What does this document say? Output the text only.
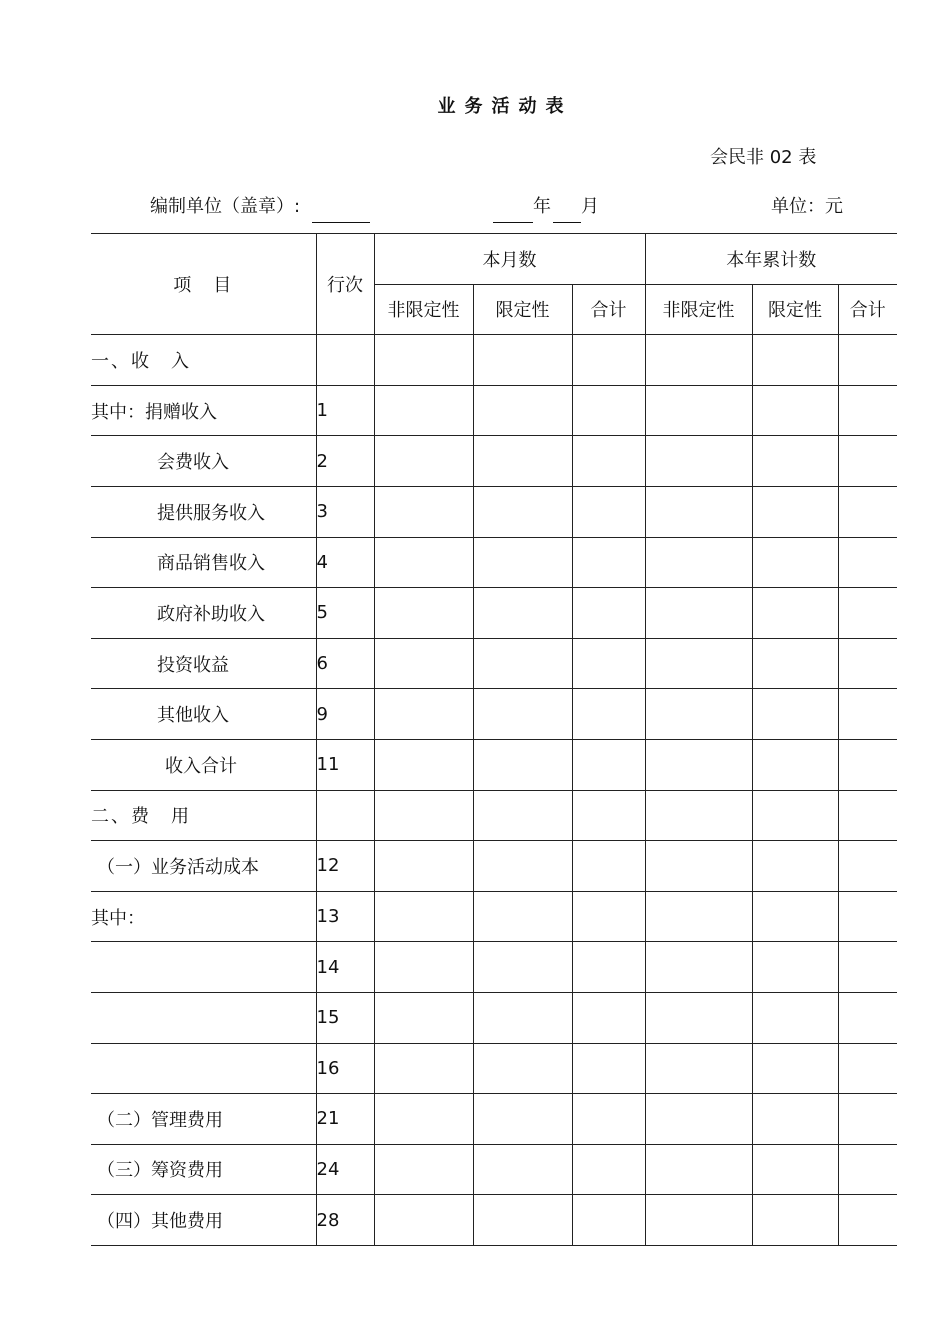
业务活动表
会民非 02 表
编制单位（盖章）:	年 月	单位：元
项　目	行次	本月数			本年累计数		
		非限定性	限定性	合计	非限定性	限定性	合计
一、收　入							
其中：捐赠收入	1						
会费收入	2						
提供服务收入	3						
商品销售收入	4						
政府补助收入	5						
投资收益	6						
其他收入	9						
收入合计	11						
二、费　用							
（一）业务活动成本	12						
其中：	13						
	14						
	15						
	16						
（二）管理费用	21						
（三）筹资费用	24						
（四）其他费用	28						
